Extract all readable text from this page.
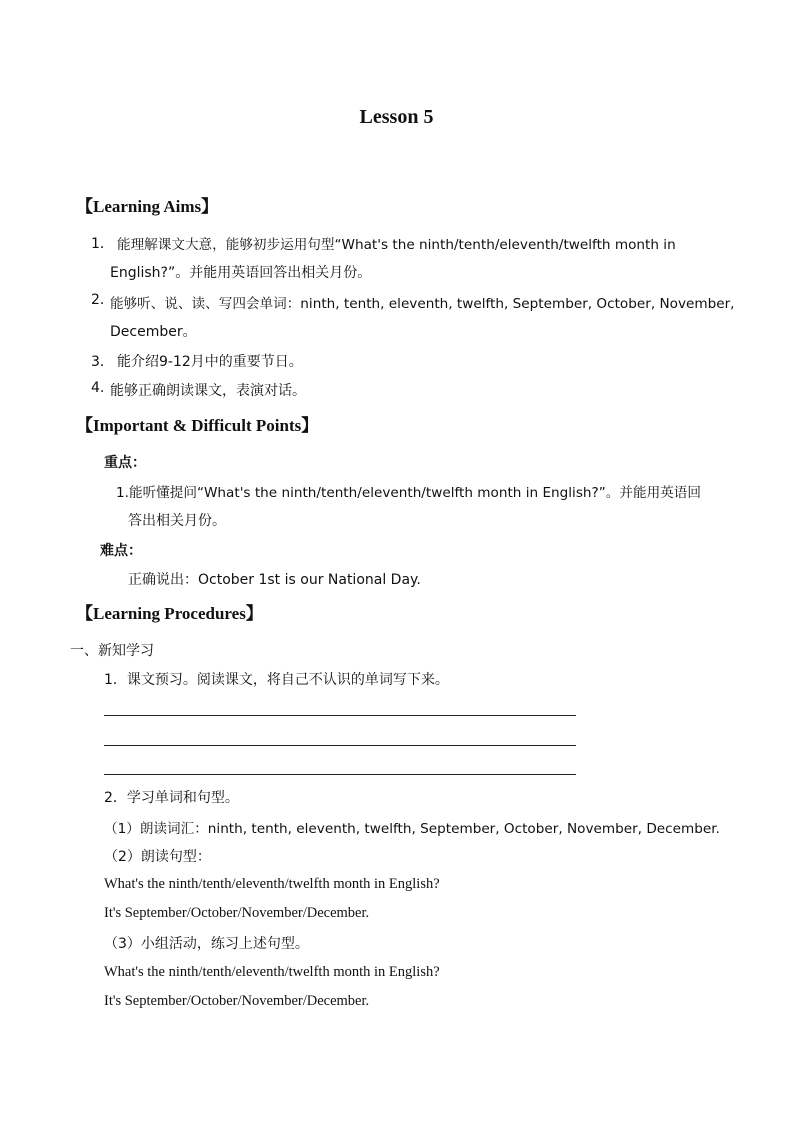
Lesson 5
【Learning Aims】
1． 能理解课文大意，能够初步运用句型“What's the ninth/tenth/eleventh/twelfth month in
English?”。并能用英语回答出相关月份。
2. 能够听、说、读、写四会单词：ninth, tenth, eleventh, twelfth, September, October, November,
December。
3． 能介绍9-12月中的重要节日。
4. 能够正确朗读课文，表演对话。
【Important & Difficult Points】
重点：
1.能听懂提问“What's the ninth/tenth/eleventh/twelfth month in English?”。并能用英语回
答出相关月份。
难点：
正确说出：October 1st is our National Day.
【Learning Procedures】
一、新知学习
1．课文预习。阅读课文，将自己不认识的单词写下来。
2．学习单词和句型。
（1）朗读词汇：ninth, tenth, eleventh, twelfth, September, October, November, December.
（2）朗读句型：
What's the ninth/tenth/eleventh/twelfth month in English?
It's September/October/November/December.
（3）小组活动，练习上述句型。
What's the ninth/tenth/eleventh/twelfth month in English?
It's September/October/November/December.
